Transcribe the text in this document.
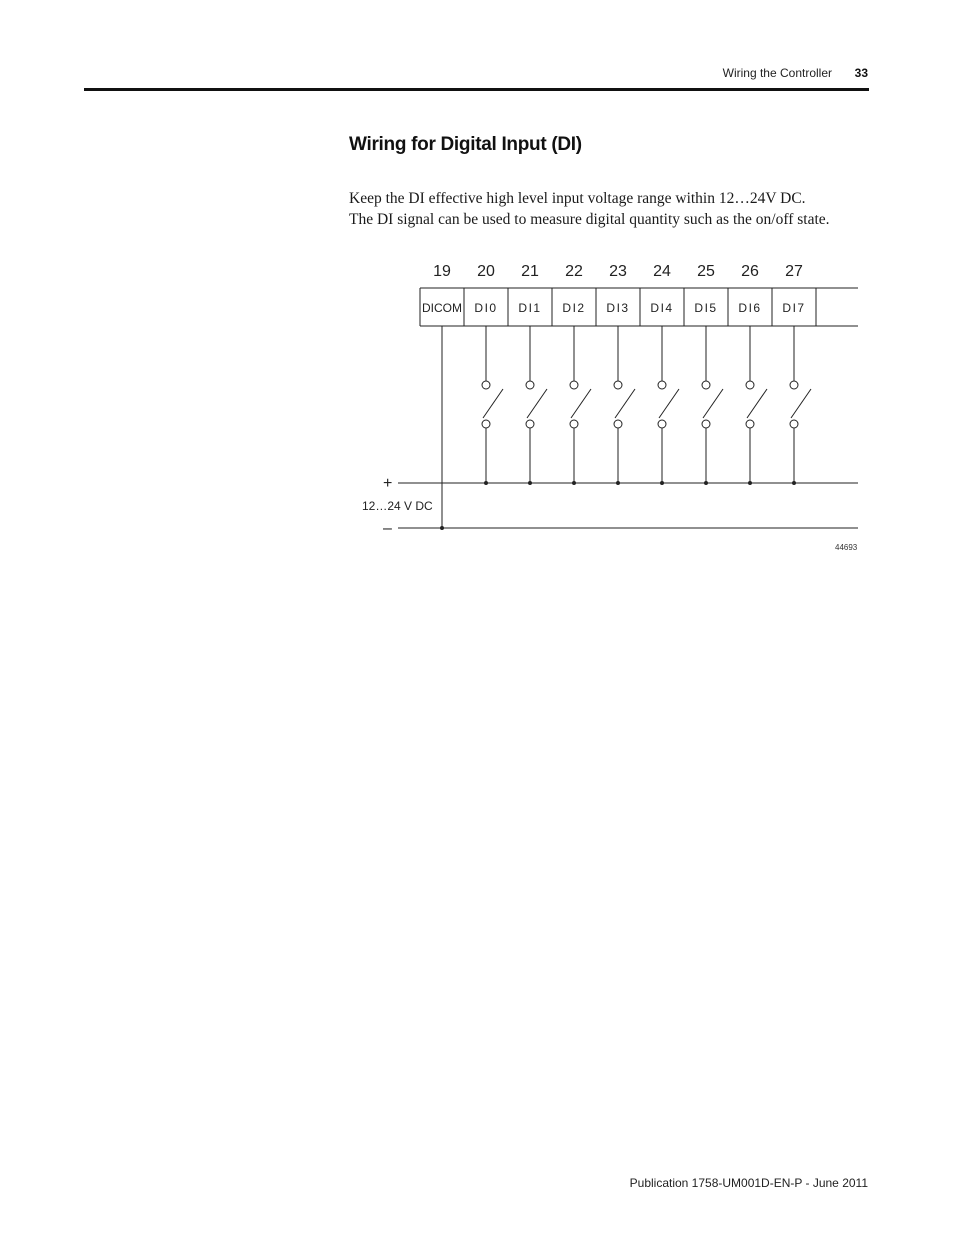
Wiring the Controller 33
Wiring for Digital Input (DI)

Keep the DI effective high level input voltage range within 12…24V DC.
The DI signal can be used to measure digital quantity such as the on/off state.

DICOM DI0 DI1 DI2 DI3 DI4 DI5 DI6 DI7
19 20 21 22 23 24 25 26 27
+
–
12…24 V DC
44693
Publication 1758-UM001D-EN-P - June 2011
